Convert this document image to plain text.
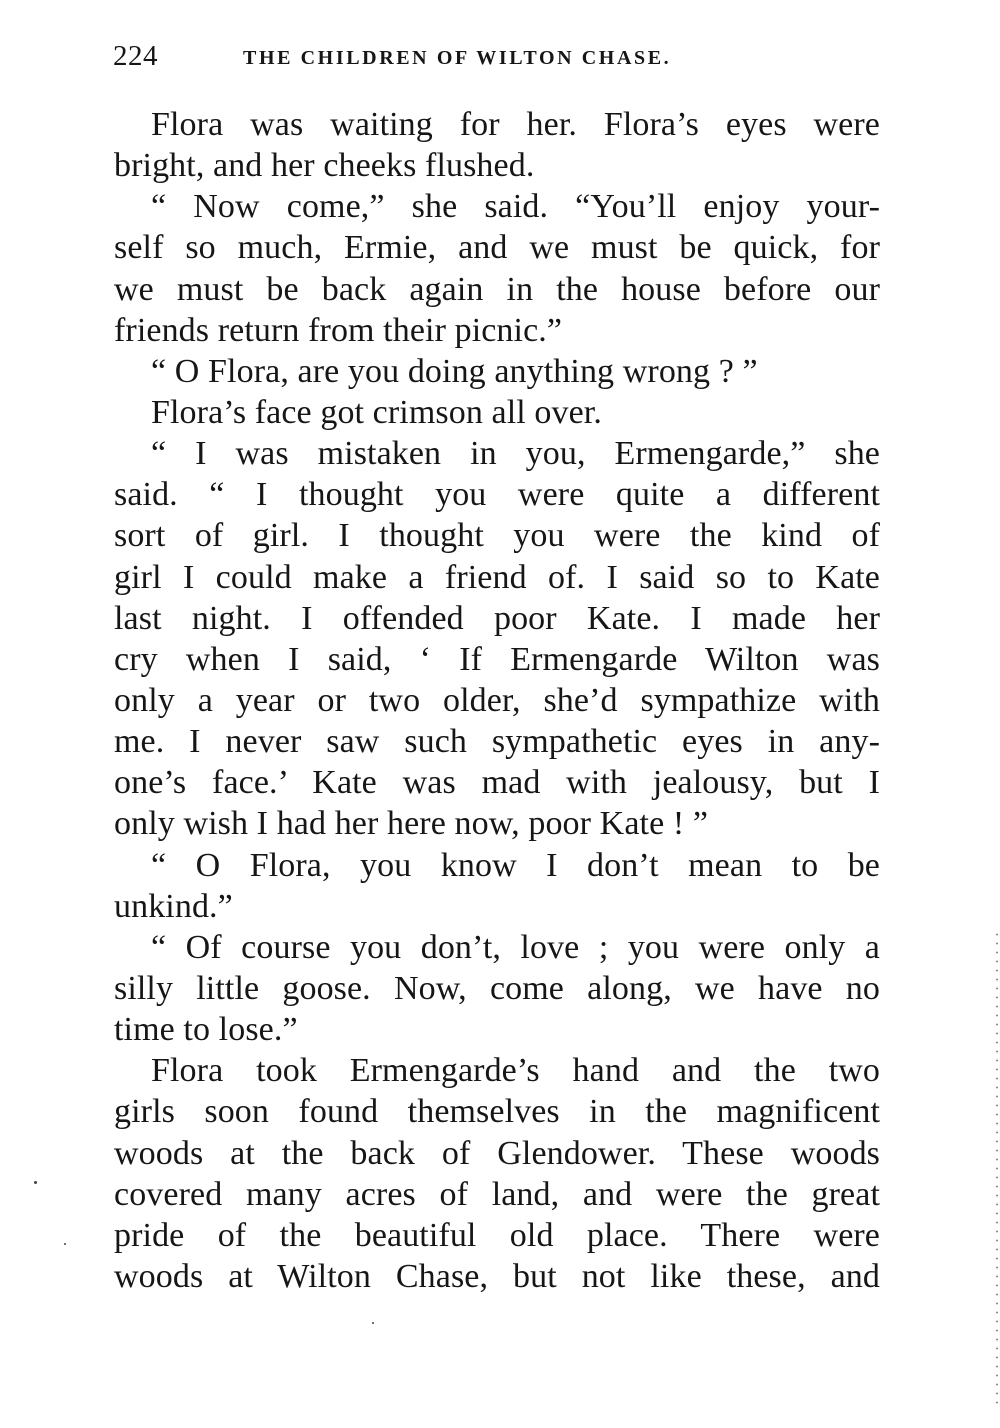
224	THE CHILDREN OF WILTON CHASE.
Flora was waiting for her. Flora’s eyes were
bright, and her cheeks flushed.
“ Now come,” she said. “You’ll enjoy your-
self so much, Ermie, and we must be quick, for
we must be back again in the house before our
friends return from their picnic.”
“ O Flora, are you doing anything wrong ? ”
Flora’s face got crimson all over.
“ I was mistaken in you, Ermengarde,” she
said. “ I thought you were quite a different
sort of girl. I thought you were the kind of
girl I could make a friend of. I said so to Kate
last night. I offended poor Kate. I made her
cry when I said, ‘ If Ermengarde Wilton was
only a year or two older, she’d sympathize with
me. I never saw such sympathetic eyes in any-
one’s face.’ Kate was mad with jealousy, but I
only wish I had her here now, poor Kate ! ”
“ O Flora, you know I don’t mean to be
unkind.”
“ Of course you don’t, love ; you were only a
silly little goose. Now, come along, we have no
time to lose.”
Flora took Ermengarde’s hand and the two
girls soon found themselves in the magnificent
woods at the back of Glendower. These woods
covered many acres of land, and were the great
pride of the beautiful old place. There were
woods at Wilton Chase, but not like these, and
